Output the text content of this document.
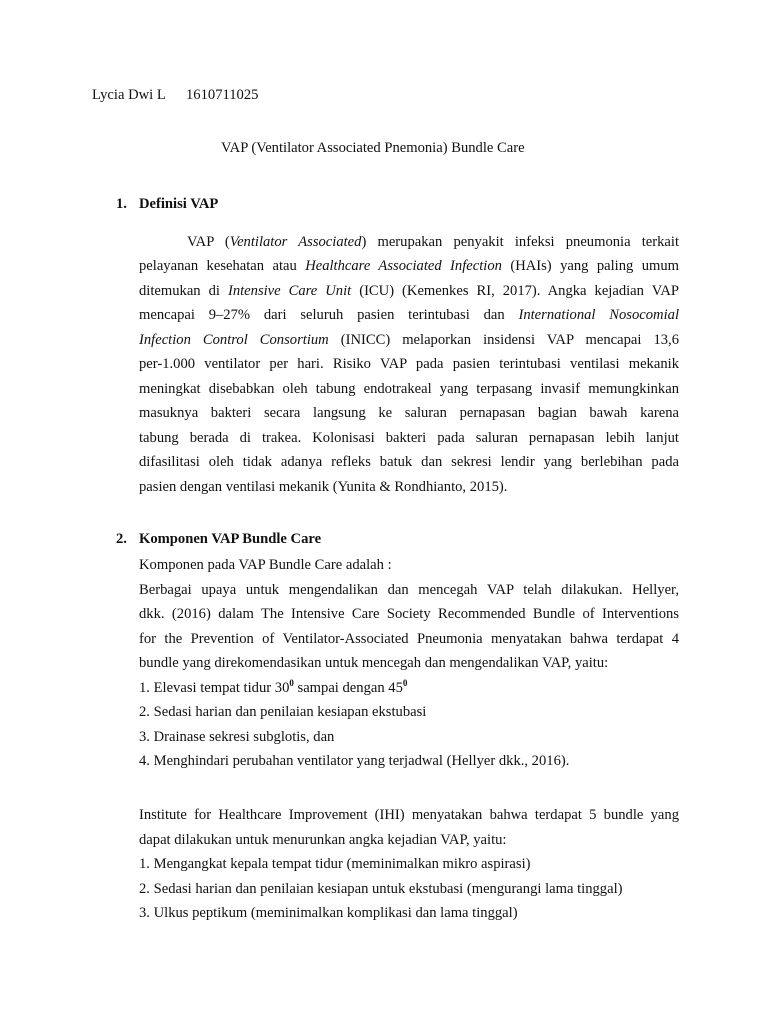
Lycia Dwi L 1610711025
VAP (Ventilator Associated Pnemonia) Bundle Care
1. Definisi VAP
VAP (Ventilator Associated) merupakan penyakit infeksi pneumonia terkait
pelayanan kesehatan atau Healthcare Associated Infection (HAIs) yang paling umum
ditemukan di Intensive Care Unit (ICU) (Kemenkes RI, 2017). Angka kejadian VAP
mencapai 9–27% dari seluruh pasien terintubasi dan International Nosocomial
Infection Control Consortium (INICC) melaporkan insidensi VAP mencapai 13,6
per-1.000 ventilator per hari. Risiko VAP pada pasien terintubasi ventilasi mekanik
meningkat disebabkan oleh tabung endotrakeal yang terpasang invasif memungkinkan
masuknya bakteri secara langsung ke saluran pernapasan bagian bawah karena
tabung berada di trakea. Kolonisasi bakteri pada saluran pernapasan lebih lanjut
difasilitasi oleh tidak adanya refleks batuk dan sekresi lendir yang berlebihan pada
pasien dengan ventilasi mekanik (Yunita & Rondhianto, 2015).
2. Komponen VAP Bundle Care
Komponen pada VAP Bundle Care adalah :
Berbagai upaya untuk mengendalikan dan mencegah VAP telah dilakukan. Hellyer,
dkk. (2016) dalam The Intensive Care Society Recommended Bundle of Interventions
for the Prevention of Ventilator-Associated Pneumonia menyatakan bahwa terdapat 4
bundle yang direkomendasikan untuk mencegah dan mengendalikan VAP, yaitu:
1. Elevasi tempat tidur $30^0$ sampai dengan $45^0$
2. Sedasi harian dan penilaian kesiapan ekstubasi
3. Drainase sekresi subglotis, dan
4. Menghindari perubahan ventilator yang terjadwal (Hellyer dkk., 2016).
Institute for Healthcare Improvement (IHI) menyatakan bahwa terdapat 5 bundle yang
dapat dilakukan untuk menurunkan angka kejadian VAP, yaitu:
1. Mengangkat kepala tempat tidur (meminimalkan mikro aspirasi)
2. Sedasi harian dan penilaian kesiapan untuk ekstubasi (mengurangi lama tinggal)
3. Ulkus peptikum (meminimalkan komplikasi dan lama tinggal)
